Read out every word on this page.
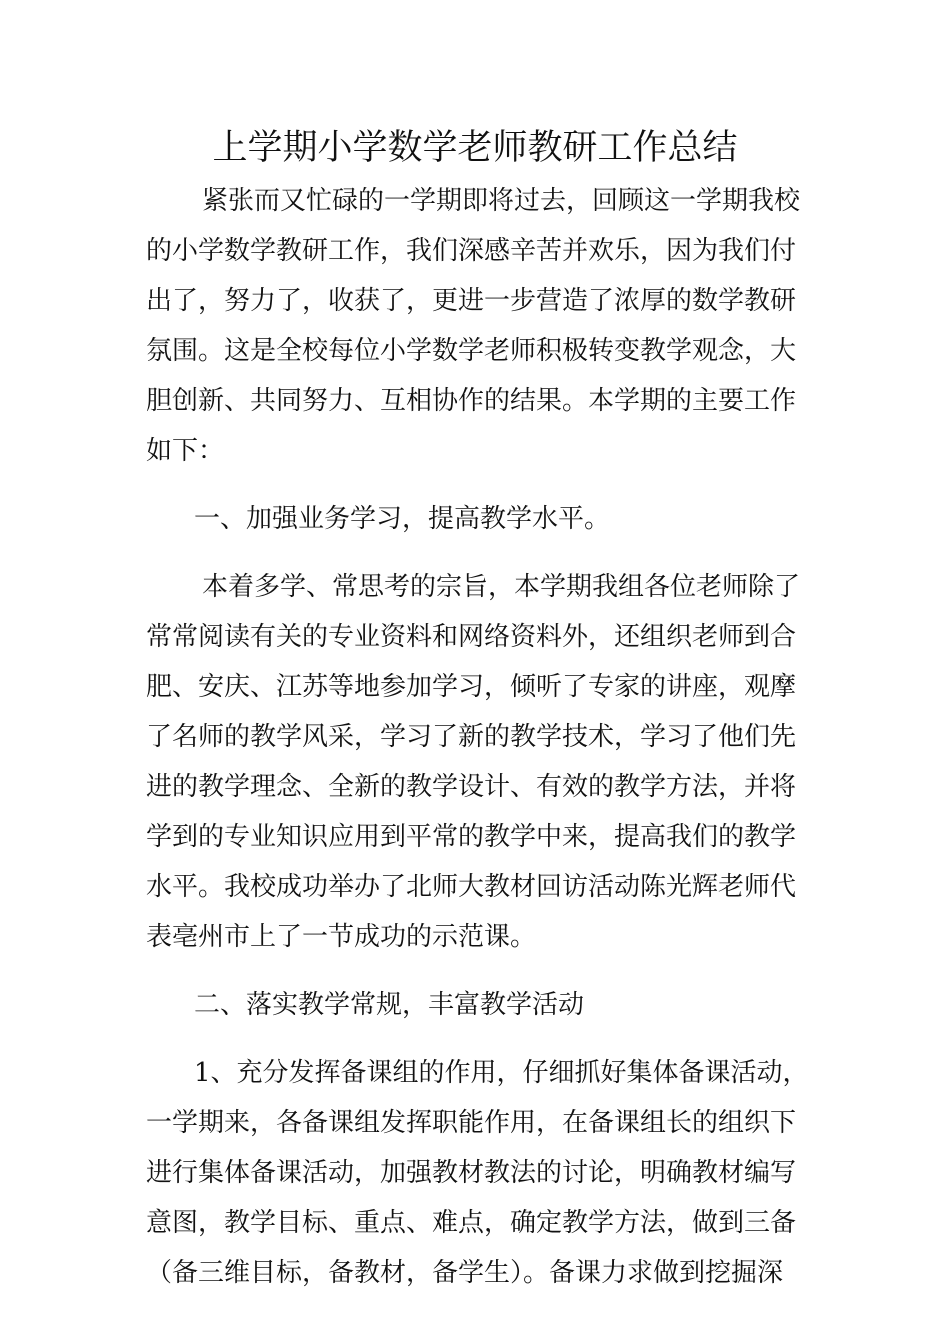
上学期小学数学老师教研工作总结
紧张而又忙碌的一学期即将过去，回顾这一学期我校
的小学数学教研工作，我们深感辛苦并欢乐，因为我们付
出了，努力了，收获了，更进一步营造了浓厚的数学教研
氛围。这是全校每位小学数学老师积极转变教学观念，大
胆创新、共同努力、互相协作的结果。本学期的主要工作
如下：
一、加强业务学习，提高教学水平。
本着多学、常思考的宗旨，本学期我组各位老师除了
常常阅读有关的专业资料和网络资料外，还组织老师到合
肥、安庆、江苏等地参加学习，倾听了专家的讲座，观摩
了名师的教学风采，学习了新的教学技术，学习了他们先
进的教学理念、全新的教学设计、有效的教学方法，并将
学到的专业知识应用到平常的教学中来，提高我们的教学
水平。我校成功举办了北师大教材回访活动陈光辉老师代
表亳州市上了一节成功的示范课。
二、落实教学常规，丰富教学活动
1、充分发挥备课组的作用，仔细抓好集体备课活动，
一学期来，各备课组发挥职能作用，在备课组长的组织下
进行集体备课活动，加强教材教法的讨论，明确教材编写
意图，教学目标、重点、难点，确定教学方法，做到三备
（备三维目标，备教材，备学生）。备课力求做到挖掘深
